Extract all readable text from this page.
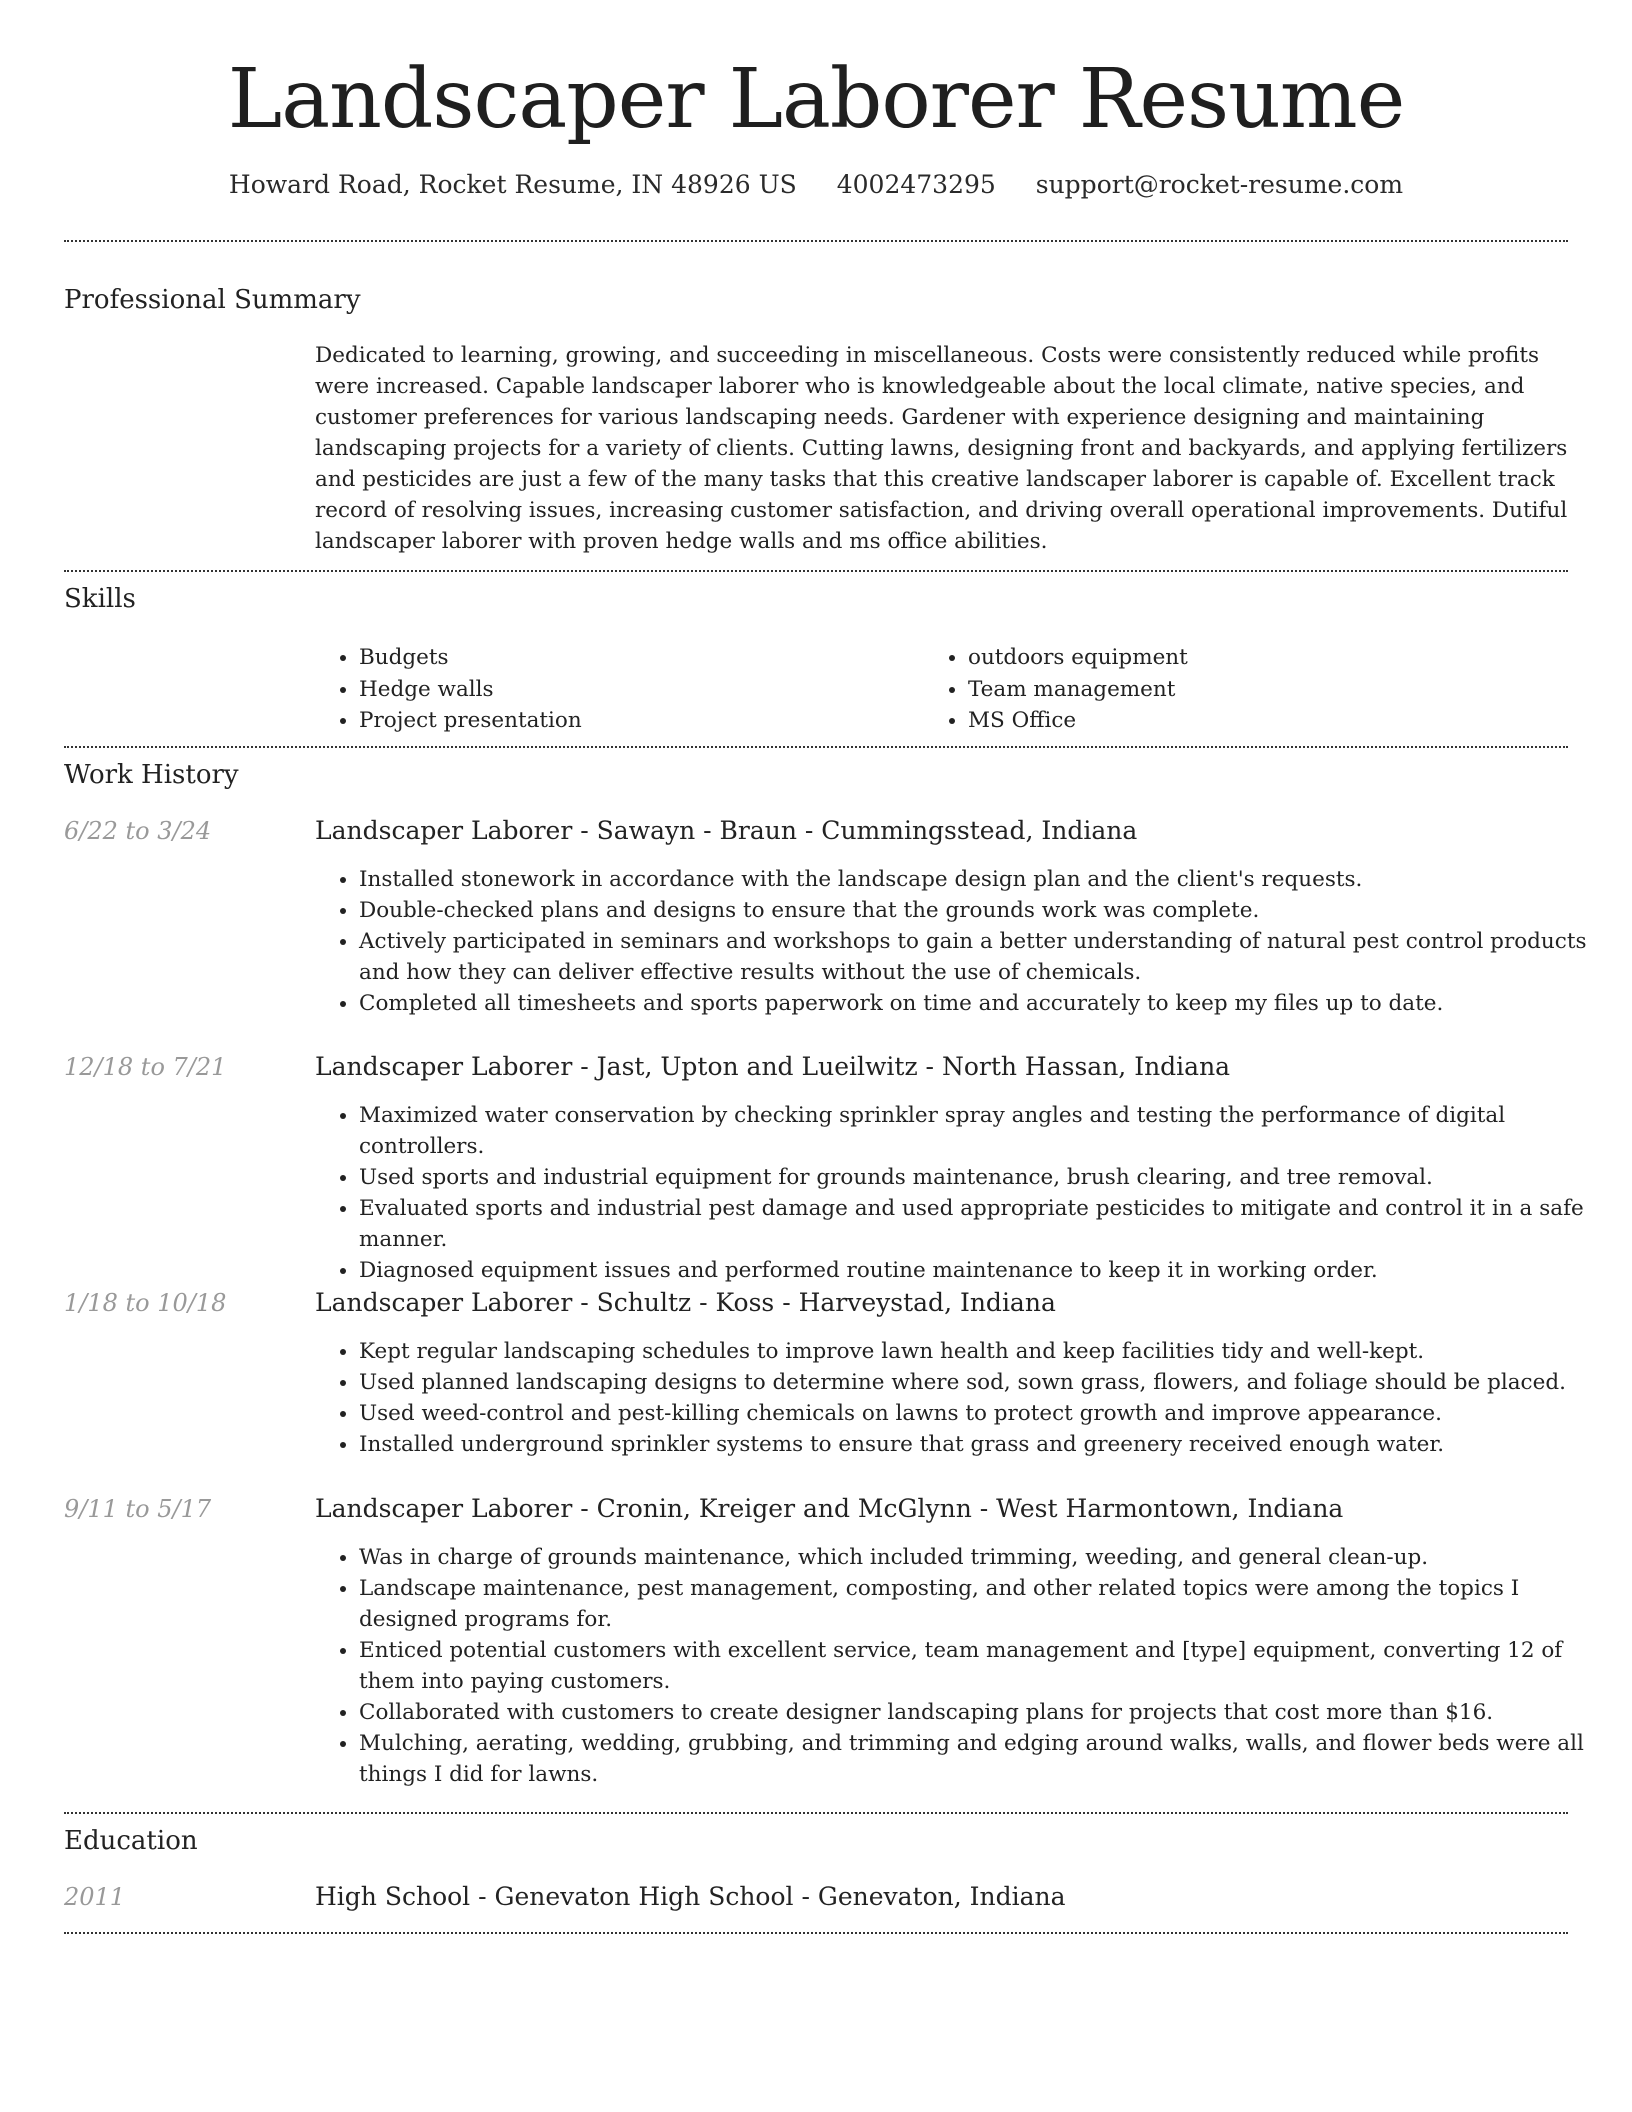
Landscaper Laborer Resume
Howard Road, Rocket Resume, IN 48926 US 4002473295 support@rocket-resume.com
Professional Summary
Dedicated to learning, growing, and succeeding in miscellaneous. Costs were consistently reduced while profits were increased. Capable landscaper laborer who is knowledgeable about the local climate, native species, and customer preferences for various landscaping needs. Gardener with experience designing and maintaining landscaping projects for a variety of clients. Cutting lawns, designing front and backyards, and applying fertilizers and pesticides are just a few of the many tasks that this creative landscaper laborer is capable of. Excellent track record of resolving issues, increasing customer satisfaction, and driving overall operational improvements. Dutiful landscaper laborer with proven hedge walls and ms office abilities.
Skills
• Budgets
• Hedge walls
• Project presentation
• outdoors equipment
• Team management
• MS Office
Work History
6/22 to 3/24	Landscaper Laborer - Sawayn - Braun - Cummingsstead, Indiana
• Installed stonework in accordance with the landscape design plan and the client's requests.
• Double-checked plans and designs to ensure that the grounds work was complete.
• Actively participated in seminars and workshops to gain a better understanding of natural pest control products and how they can deliver effective results without the use of chemicals.
• Completed all timesheets and sports paperwork on time and accurately to keep my files up to date.
12/18 to 7/21	Landscaper Laborer - Jast, Upton and Lueilwitz - North Hassan, Indiana
• Maximized water conservation by checking sprinkler spray angles and testing the performance of digital controllers.
• Used sports and industrial equipment for grounds maintenance, brush clearing, and tree removal.
• Evaluated sports and industrial pest damage and used appropriate pesticides to mitigate and control it in a safe manner.
• Diagnosed equipment issues and performed routine maintenance to keep it in working order.
1/18 to 10/18	Landscaper Laborer - Schultz - Koss - Harveystad, Indiana
• Kept regular landscaping schedules to improve lawn health and keep facilities tidy and well-kept.
• Used planned landscaping designs to determine where sod, sown grass, flowers, and foliage should be placed.
• Used weed-control and pest-killing chemicals on lawns to protect growth and improve appearance.
• Installed underground sprinkler systems to ensure that grass and greenery received enough water.
9/11 to 5/17	Landscaper Laborer - Cronin, Kreiger and McGlynn - West Harmontown, Indiana
• Was in charge of grounds maintenance, which included trimming, weeding, and general clean-up.
• Landscape maintenance, pest management, composting, and other related topics were among the topics I designed programs for.
• Enticed potential customers with excellent service, team management and [type] equipment, converting 12 of them into paying customers.
• Collaborated with customers to create designer landscaping plans for projects that cost more than $16.
• Mulching, aerating, wedding, grubbing, and trimming and edging around walks, walls, and flower beds were all things I did for lawns.
Education
2011	High School - Genevaton High School - Genevaton, Indiana
